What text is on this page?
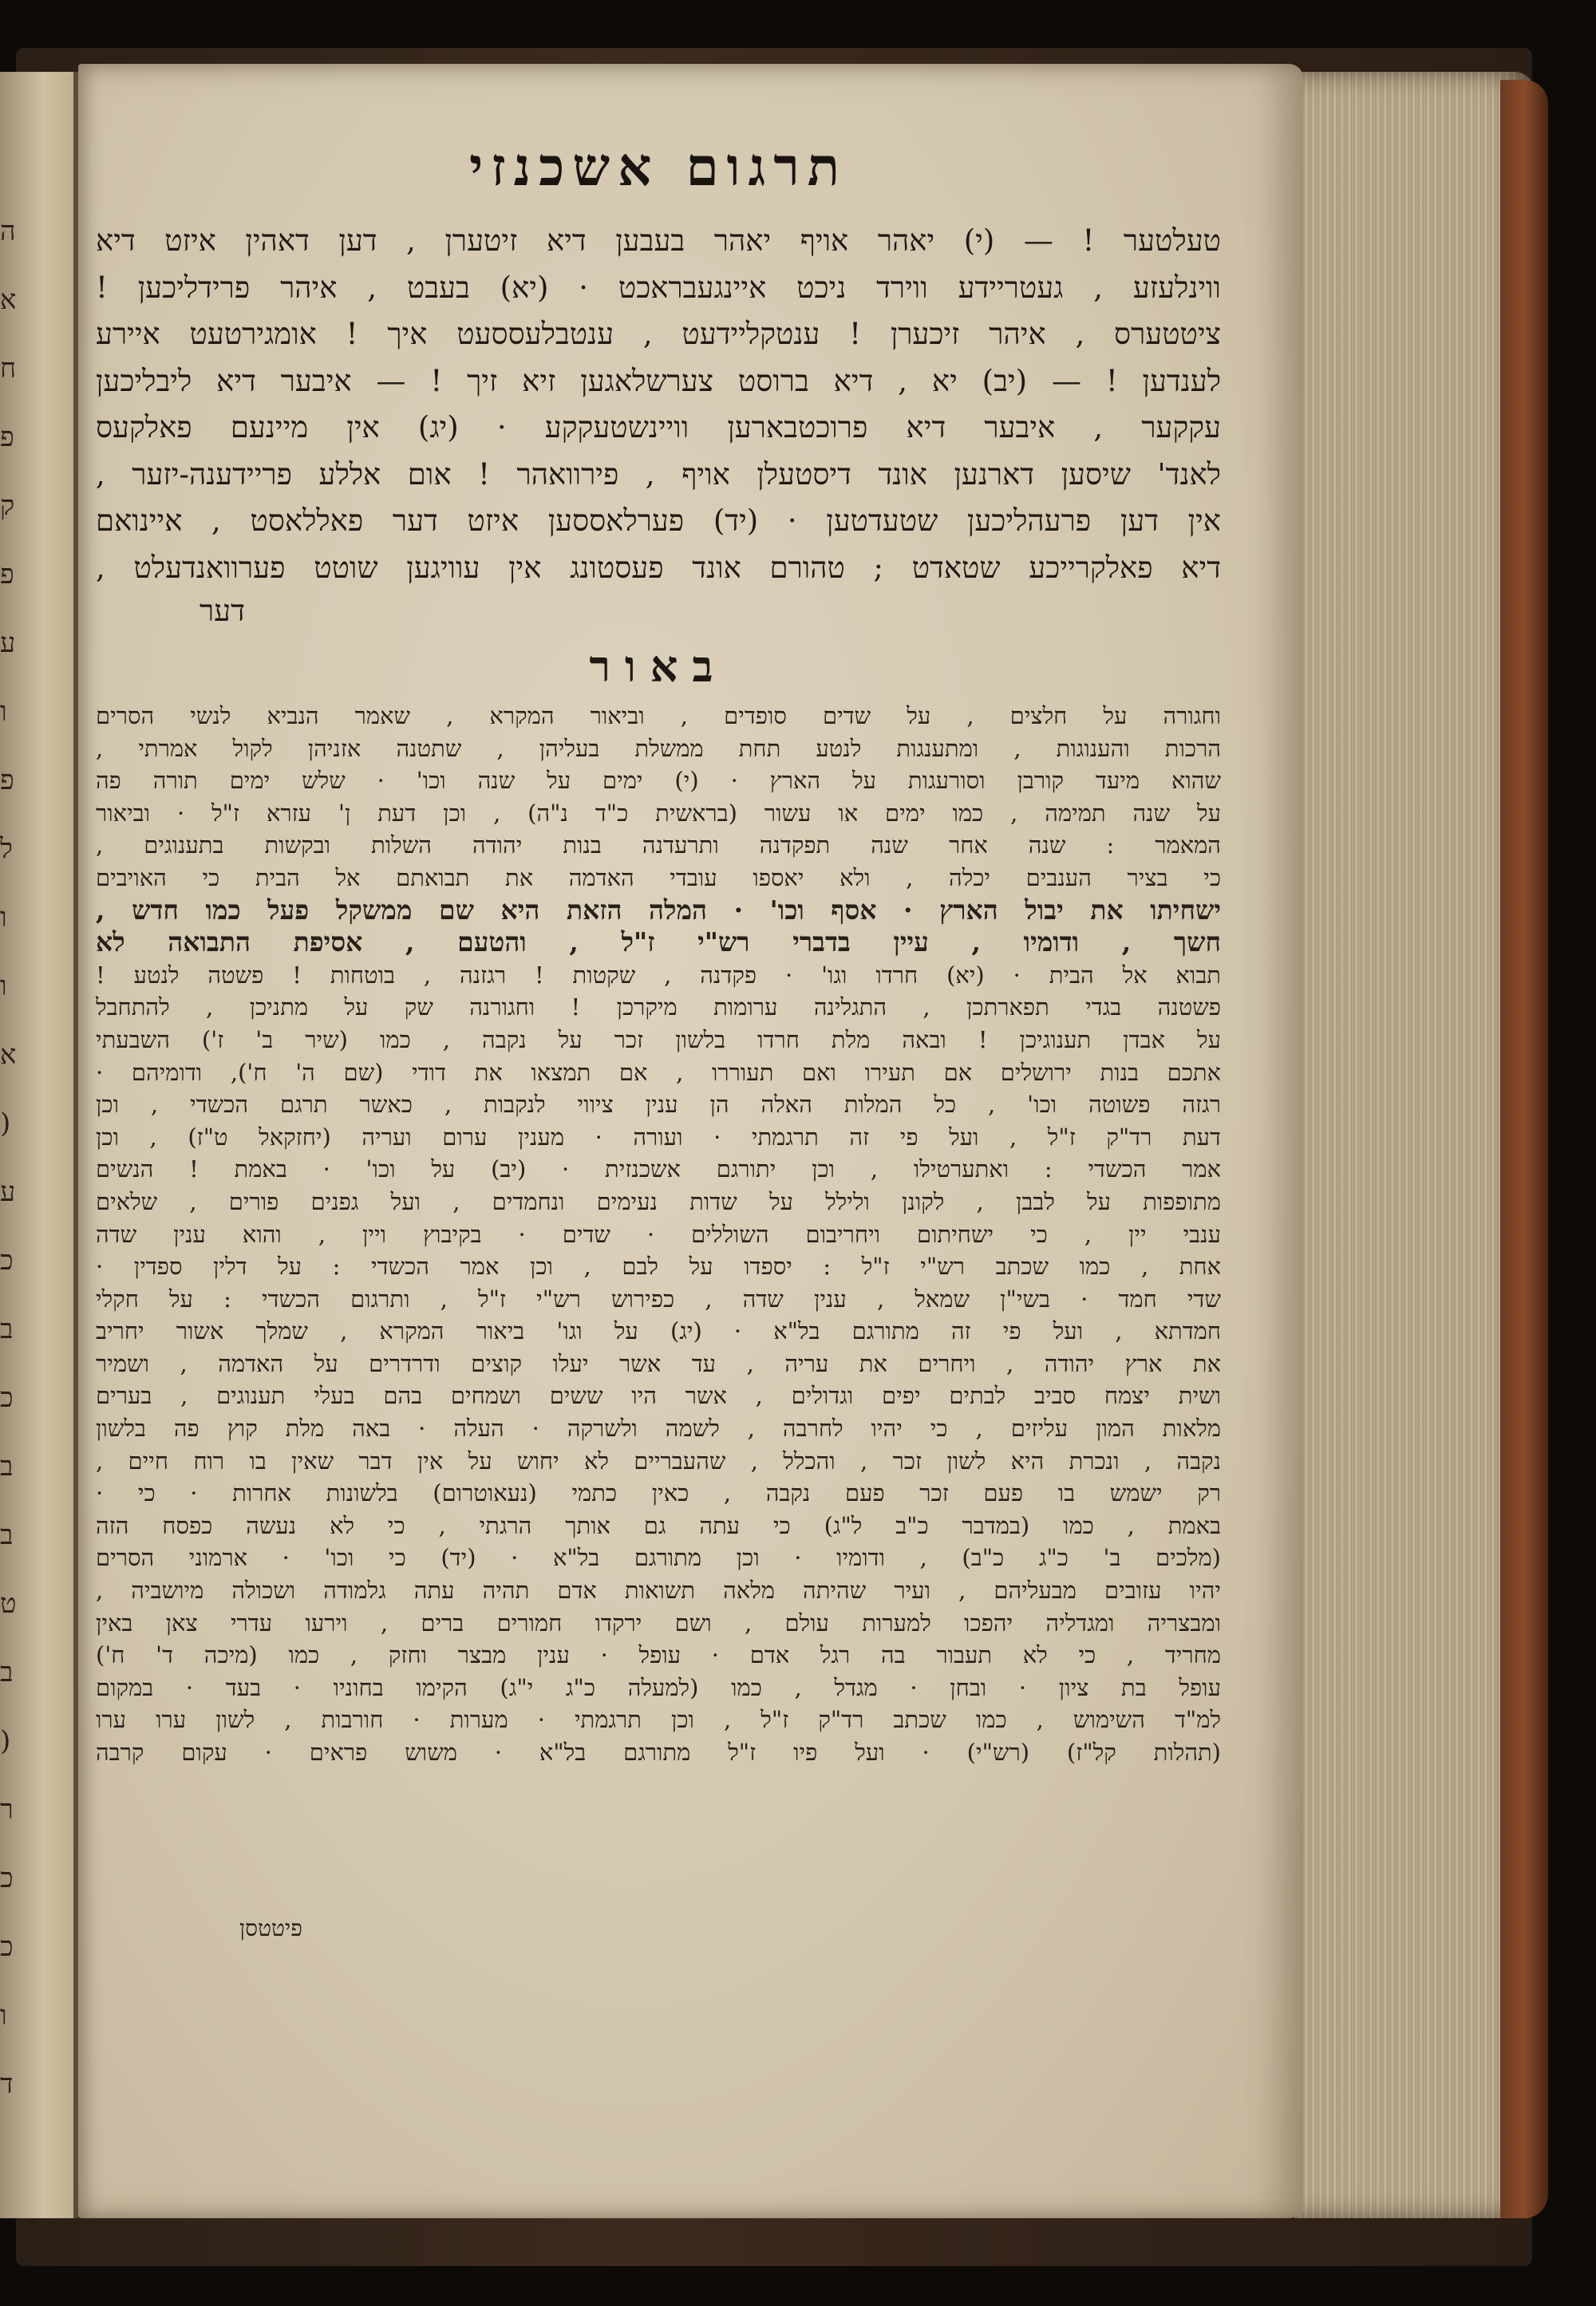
ה
א
ח
פ
ק
פ
ע
ו
פ
ל
ו
ו
א
(
ע
כ
ב
כ
ב
ב
ט
ב
(
ר
כ
כ
ו
ד
תרגום אשכנזי

טעלטער ! — (י) יאהר אויף יאהר בעבען דיא זיטערן , דען דאהין איזט דיא

ווינלעזע , געטריידע ווירד ניכט איינגעבראכט · (יא) בעבט , איהר פרידליכען !

ציטטערס , איהר זיכערן ! ענטקליידעט , ענטבלעססעט איך ! אומגירטעט איירע

לענדען ! — (יב) יא , דיא ברוסט צערשלאגען זיא זיך ! — איבער דיא ליבליכען

עקקער , איבער דיא פרוכטבארען וויינשטעקקע · (יג) אין מיינעם פאלקעס

לאנד' שיסען דארנען אונד דיסטעלן אויף , פירוואהר ! אום אללע פריידענה-יזער ,

אין דען פרעהליכען שטעדטען · (יד) פערלאססען איזט דער פאללאסט , איינואם

דיא פאלקרייכע שטאדט ; טהורם אונד פעסטונג אין עוויגען שוטט פערוואנדעלט ,

דער

באור

וחגורה על חלצים , על שדים סופדים , וביאור המקרא , שאמר הנביא לנשי הסרים

הרכות והענוגות , ומתענגות לנטע תחת ממשלת בעליהן , שתטנה אזניהן לקול אמרתי ,

שהוא מיעד קורבן וסורעגות על הארץ · (י) ימים על שנה וכו' · שלש ימים תורה פה

על שנה תמימה , כמו ימים או עשור (בראשית כ"ד נ"ה) , וכן דעת ן' עזרא ז"ל · וביאור

המאמר : שנה אחר שנה תפקדנה ותרעדנה בנות יהודה השלות ובקשות בתענוגים ,

כי בציר הענבים יכלה , ולא יאספו עובדי האדמה את תבואתם אל הבית כי האויבים

ישחיתו את יבול הארץ · אסף וכו' · המלה הזאת היא שם ממשקל פעל כמו חדש ,

חשך , ודומיו , עיין בדברי רש"י ז"ל , והטעם , אסיפת התבואה לא

תבוא אל הבית · (יא) חרדו וגו' · פקדנה , שקטות ! רגזנה , בוטחות ! פשטה לנטע !

פשטנה בגדי תפארתכן , התגלינה ערומות מיקרכן ! וחגורנה שק על מתניכן , להתחבל

על אבדן תענוגיכן ! ובאה מלת חרדו בלשון זכר על נקבה , כמו (שיר ב' ז') השבעתי

אתכם בנות ירושלים אם תעירו ואם תעוררו , אם תמצאו את דודי (שם ה' ח'), ודומיהם ·

רגזה פשוטה וכו' , כל המלות האלה הן ענין ציווי לנקבות , כאשר תרגם הכשדי , וכן

דעת רד"ק ז"ל , ועל פי זה תרגמתי · ועורה · מענין ערום ועריה (יחזקאל ט"ז) , וכן

אמר הכשדי : ואתערטילו , וכן יתורגם אשכנזית · (יב) על וכו' · באמת ! הנשים

מתופפות על לבבן , לקונן ולילל על שדות נעימים ונחמדים , ועל גפנים פורים , שלאים

ענבי יין , כי ישחיתום ויחריבום השוללים · שדים · בקיבוץ ויין , והוא ענין שדה

אחת , כמו שכתב רש"י ז"ל : יספדו על לבם , וכן אמר הכשדי : על דלין ספדין ·

שדי חמד · בשי"ן שמאל , ענין שדה , כפירוש רש"י ז"ל , ותרגום הכשדי : על חקלי

חמדתא , ועל פי זה מתורגם בל"א · (יג) על וגו' ביאור המקרא , שמלך אשור יחריב

את ארץ יהודה , ויחרים את עריה , עד אשר יעלו קוצים ודרדרים על האדמה , ושמיר

ושית יצמח סביב לבתים יפים וגדולים , אשר היו ששים ושמחים בהם בעלי תענוגים , בערים

מלאות המון עליזים , כי יהיו לחרבה , לשמה ולשרקה · העלה · באה מלת קוץ פה בלשון

נקבה , ונכרת היא לשון זכר , והכלל , שהעבריים לא יחוש על אין דבר שאין בו רוח חיים ,

רק ישמש בו פעם זכר פעם נקבה , כאין כתמי (נעאוטרום) בלשונות אחרות · כי ·

באמת , כמו (במדבר כ"ב ל"ג) כי עתה גם אותך הרגתי , כי לא נעשה כפסח הזה

(מלכים ב' כ"ג כ"ב) , ודומיו · וכן מתורגם בל"א · (יד) כי וכו' · ארמוני הסרים

יהיו עזובים מבעליהם , ועיר שהיתה מלאה תשואות אדם תהיה עתה גלמודה ושכולה מיושביה ,

ומבצריה ומגדליה יהפכו למערות עולם , ושם ירקדו חמורים ברים , וירעו עדרי צאן באין

מחריד , כי לא תעבור בה רגל אדם · עופל · ענין מבצר וחזק , כמו (מיכה ד' ח')

עופל בת ציון · ובחן · מגדל , כמו (למעלה כ"ג י"ג) הקימו בחוניו · בעד · במקום

למ"ד השימוש , כמו שכתב רד"ק ז"ל , וכן תרגמתי · מערות · חורבות , לשון ערו ערו

(תהלות קל"ז) (רש"י) · ועל פיו ז"ל מתורגם בל"א · משוש פראים · עקום קרבה

פיטטסן
